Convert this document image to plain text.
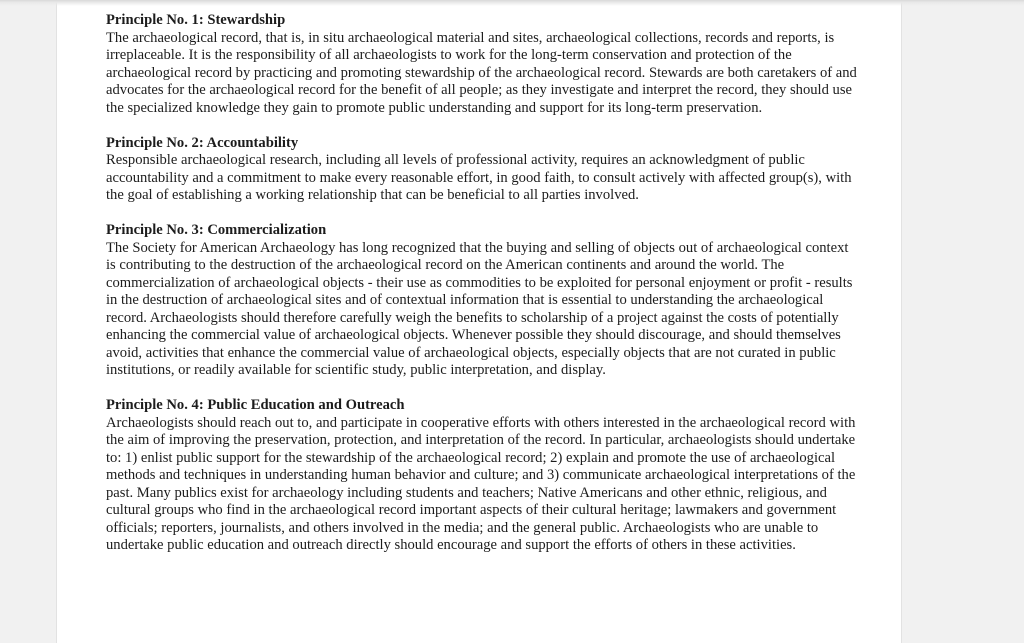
Principle No. 1: Stewardship
The archaeological record, that is, in situ archaeological material and sites, archaeological collections, records and reports, is irreplaceable. It is the responsibility of all archaeologists to work for the long-term conservation and protection of the archaeological record by practicing and promoting stewardship of the archaeological record. Stewards are both caretakers of and advocates for the archaeological record for the benefit of all people; as they investigate and interpret the record, they should use the specialized knowledge they gain to promote public understanding and support for its long-term preservation.
Principle No. 2: Accountability
Responsible archaeological research, including all levels of professional activity, requires an acknowledgment of public accountability and a commitment to make every reasonable effort, in good faith, to consult actively with affected group(s), with the goal of establishing a working relationship that can be beneficial to all parties involved.
Principle No. 3: Commercialization
The Society for American Archaeology has long recognized that the buying and selling of objects out of archaeological context is contributing to the destruction of the archaeological record on the American continents and around the world. The commercialization of archaeological objects - their use as commodities to be exploited for personal enjoyment or profit - results in the destruction of archaeological sites and of contextual information that is essential to understanding the archaeological record. Archaeologists should therefore carefully weigh the benefits to scholarship of a project against the costs of potentially enhancing the commercial value of archaeological objects. Whenever possible they should discourage, and should themselves avoid, activities that enhance the commercial value of archaeological objects, especially objects that are not curated in public institutions, or readily available for scientific study, public interpretation, and display.
Principle No. 4: Public Education and Outreach
Archaeologists should reach out to, and participate in cooperative efforts with others interested in the archaeological record with the aim of improving the preservation, protection, and interpretation of the record. In particular, archaeologists should undertake to: 1) enlist public support for the stewardship of the archaeological record; 2) explain and promote the use of archaeological methods and techniques in understanding human behavior and culture; and 3) communicate archaeological interpretations of the past. Many publics exist for archaeology including students and teachers; Native Americans and other ethnic, religious, and cultural groups who find in the archaeological record important aspects of their cultural heritage; lawmakers and government officials; reporters, journalists, and others involved in the media; and the general public. Archaeologists who are unable to undertake public education and outreach directly should encourage and support the efforts of others in these activities.
